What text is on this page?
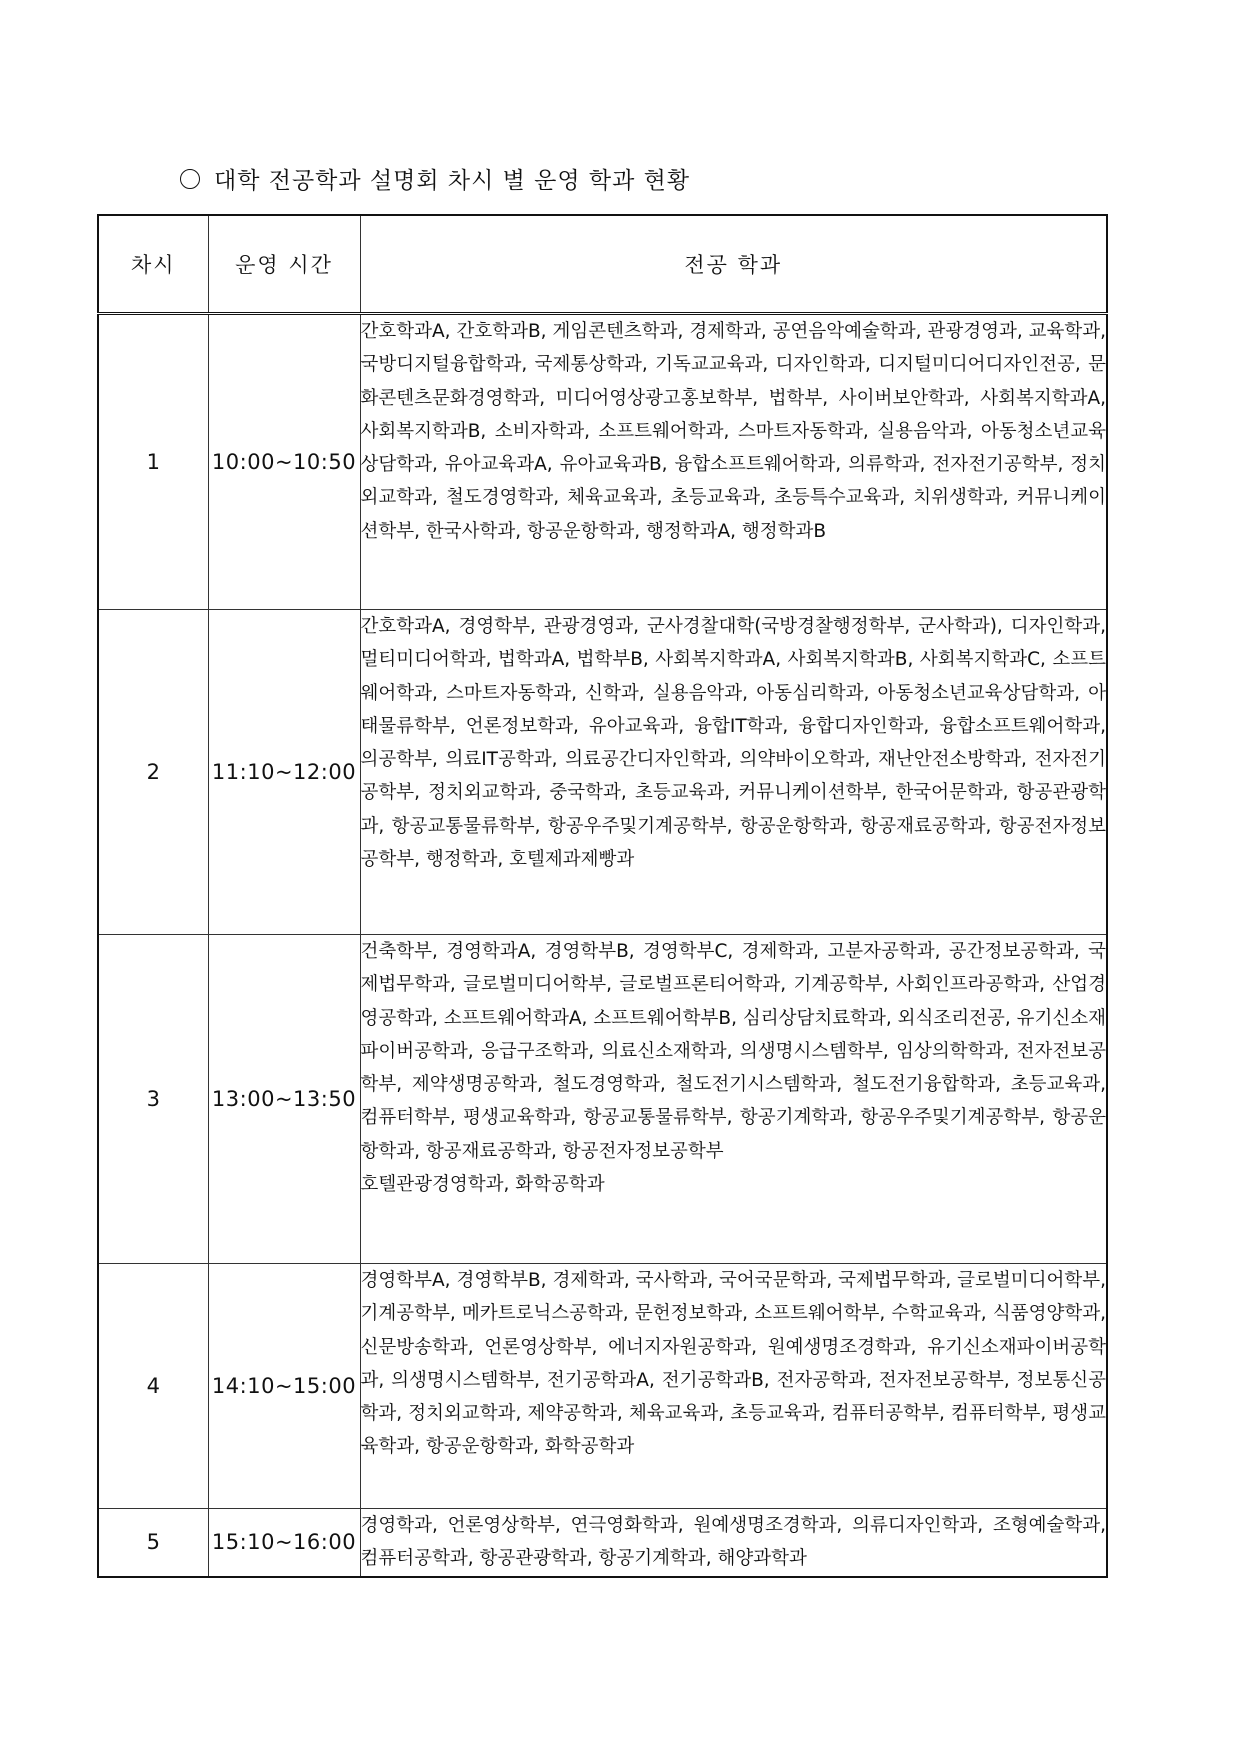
대학 전공학과 설명회 차시 별 운영 학과 현황
차시	운영 시간	전공 학과
1	10:00~10:50	간호학과A, 간호학과B, 게임콘텐츠학과, 경제학과, 공연음악예술학과, 관광경영과, 교육학과, 국방디지털융합학과, 국제통상학과, 기독교교육과, 디자인학과, 디지털미디어디자인전공, 문화콘텐츠문화경영학과, 미디어영상광고홍보학부, 법학부, 사이버보안학과, 사회복지학과A, 사회복지학과B, 소비자학과, 소프트웨어학과, 스마트자동학과, 실용음악과, 아동청소년교육상담학과, 유아교육과A, 유아교육과B, 융합소프트웨어학과, 의류학과, 전자전기공학부, 정치외교학과, 철도경영학과, 체육교육과, 초등교육과, 초등특수교육과, 치위생학과, 커뮤니케이션학부, 한국사학과, 항공운항학과, 행정학과A, 행정학과B

2	11:10~12:00	간호학과A, 경영학부, 관광경영과, 군사경찰대학(국방경찰행정학부, 군사학과), 디자인학과, 멀티미디어학과, 법학과A, 법학부B, 사회복지학과A, 사회복지학과B, 사회복지학과C, 소프트웨어학과, 스마트자동학과, 신학과, 실용음악과, 아동심리학과, 아동청소년교육상담학과, 아태물류학부, 언론정보학과, 유아교육과, 융합IT학과, 융합디자인학과, 융합소프트웨어학과, 의공학부, 의료IT공학과, 의료공간디자인학과, 의약바이오학과, 재난안전소방학과, 전자전기공학부, 정치외교학과, 중국학과, 초등교육과, 커뮤니케이션학부, 한국어문학과, 항공관광학과, 항공교통물류학부, 항공우주및기계공학부, 항공운항학과, 항공재료공학과, 항공전자정보공학부, 행정학과, 호텔제과제빵과

3	13:00~13:50	건축학부, 경영학과A, 경영학부B, 경영학부C, 경제학과, 고분자공학과, 공간정보공학과, 국제법무학과, 글로벌미디어학부, 글로벌프론티어학과, 기계공학부, 사회인프라공학과, 산업경영공학과, 소프트웨어학과A, 소프트웨어학부B, 심리상담치료학과, 외식조리전공, 유기신소재파이버공학과, 응급구조학과, 의료신소재학과, 의생명시스템학부, 임상의학학과, 전자전보공학부, 제약생명공학과, 철도경영학과, 철도전기시스템학과, 철도전기융합학과, 초등교육과, 컴퓨터학부, 평생교육학과, 항공교통물류학부, 항공기계학과, 항공우주및기계공학부, 항공운항학과, 항공재료공학과, 항공전자정보공학부
호텔관광경영학과, 화학공학과

4	14:10~15:00	경영학부A, 경영학부B, 경제학과, 국사학과, 국어국문학과, 국제법무학과, 글로벌미디어학부, 기계공학부, 메카트로닉스공학과, 문헌정보학과, 소프트웨어학부, 수학교육과, 식품영양학과, 신문방송학과, 언론영상학부, 에너지자원공학과, 원예생명조경학과, 유기신소재파이버공학과, 의생명시스템학부, 전기공학과A, 전기공학과B, 전자공학과, 전자전보공학부, 정보통신공학과, 정치외교학과, 제약공학과, 체육교육과, 초등교육과, 컴퓨터공학부, 컴퓨터학부, 평생교육학과, 항공운항학과, 화학공학과

5	15:10~16:00	경영학과, 언론영상학부, 연극영화학과, 원예생명조경학과, 의류디자인학과, 조형예술학과, 컴퓨터공학과, 항공관광학과, 항공기계학과, 해양과학과
